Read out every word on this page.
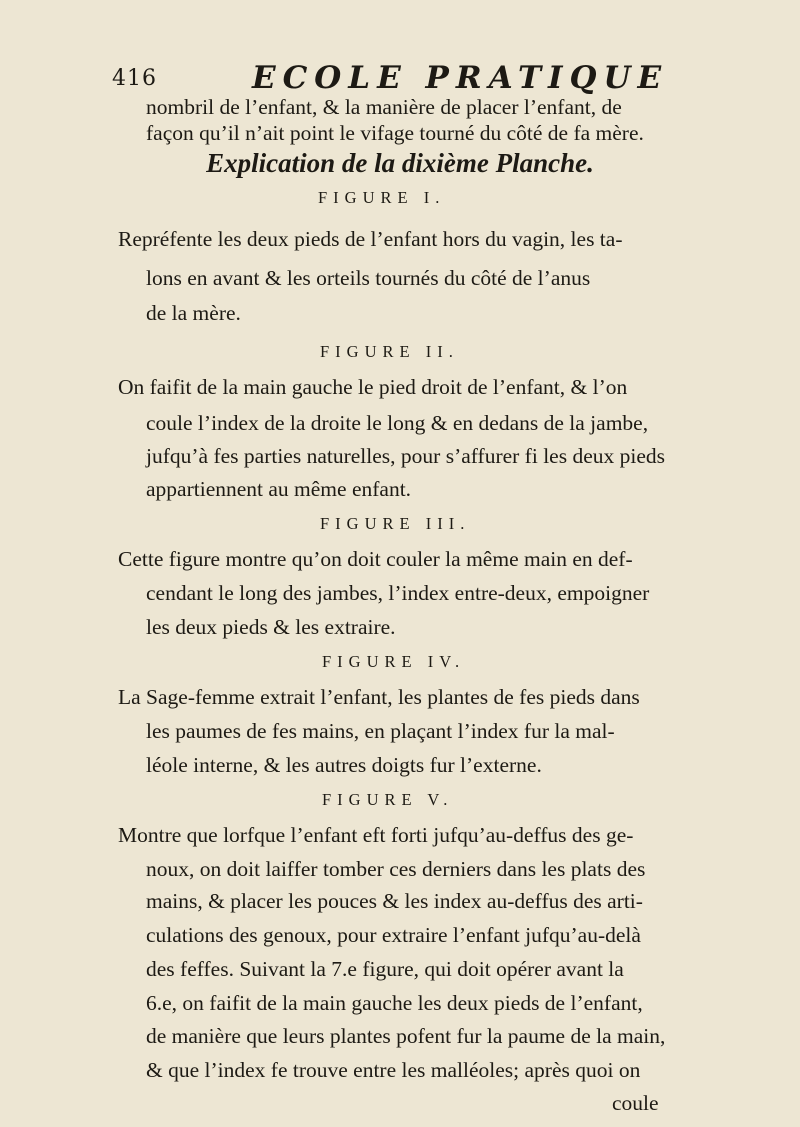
416	ECOLE PRATIQUE
nombril de l’enfant, & la manière de placer l’enfant, de
façon qu’il n’ait point le vifage tourné du côté de fa mère.
Explication de la dixième Planche.
FIGURE I.
Repréfente les deux pieds de l’enfant hors du vagin, les ta-
lons en avant & les orteils tournés du côté de l’anus
de la mère.
FIGURE II.
On faifit de la main gauche le pied droit de l’enfant, & l’on
coule l’index de la droite le long & en dedans de la jambe,
jufqu’à fes parties naturelles, pour s’affurer fi les deux pieds
appartiennent au même enfant.
FIGURE III.
Cette figure montre qu’on doit couler la même main en def-
cendant le long des jambes, l’index entre-deux, empoigner
les deux pieds & les extraire.
FIGURE IV.
La Sage-femme extrait l’enfant, les plantes de fes pieds dans
les paumes de fes mains, en plaçant l’index fur la mal-
léole interne, & les autres doigts fur l’externe.
FIGURE V.
Montre que lorfque l’enfant eft forti jufqu’au-deffus des ge-
noux, on doit laiffer tomber ces derniers dans les plats des
mains, & placer les pouces & les index au-deffus des arti-
culations des genoux, pour extraire l’enfant jufqu’au-delà
des feffes. Suivant la 7.e figure, qui doit opérer avant la
6.e, on faifit de la main gauche les deux pieds de l’enfant,
de manière que leurs plantes pofent fur la paume de la main,
& que l’index fe trouve entre les malléoles; après quoi on
coule
